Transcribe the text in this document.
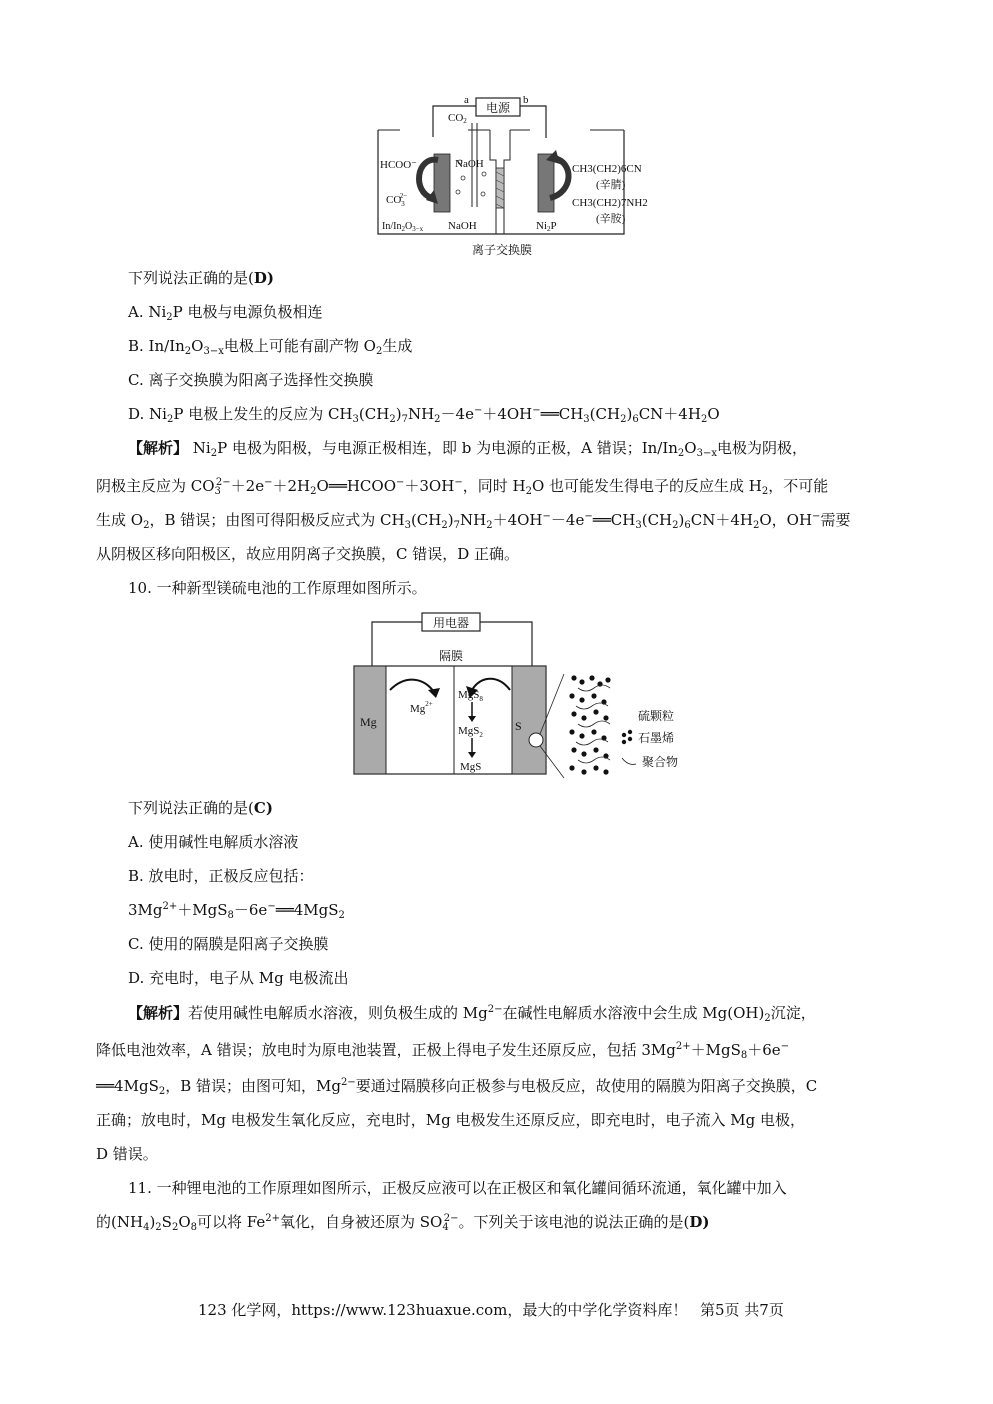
电源
a	b
CO2
HCOO⁻
$CO_32-$
NaOH
NaOH
$In/In_2O_{3-x}$
CH3(CH2)6CN
(辛腈)
CH3(CH2)7NH2
(辛胺)
Ni2P
离子交换膜
下列说法正确的是(D)
A. $Ni_2P$ 电极与电源负极相连
B. $In/In_2O_{3-x}$电极上可能有副产物 $O_2$生成
C. 离子交换膜为阳离子选择性交换膜
D. $Ni_2P$ 电极上发生的反应为 $CH_3(CH_2)_7NH_2-4e^-+4OH^-══CH_3(CH_2)_6CN+4H_2O$
【解析】 $Ni_2P$ 电极为阳极，与电源正极相连，即 b 为电源的正极，A 错误；$In/In_2O_{3-x}$电极为阴极，
阴极主反应为 $CO_3^{2-}+2e^-+2H_2O══HCOO^-+3OH^-$，同时 $H_2O$ 也可能发生得电子的反应生成 $H_2$，不可能
生成 $O_2$，B 错误；由图可得阳极反应式为 $CH_3(CH_2)_7NH_2+4OH^--4e^-══CH_3(CH_2)_6CN+4H_2O$，OH−需要
从阴极区移向阳极区，故应用阴离子交换膜，C 错误，D 正确。
10. 一种新型镁硫电池的工作原理如图所示。
用电器
隔膜
Mg	S
$Mg^{2+}$
MgS$_8$
MgS$_2$
MgS
硫颗粒
石墨烯
聚合物
下列说法正确的是(C)
A. 使用碱性电解质水溶液
B. 放电时，正极反应包括：
$3Mg^{2+}+MgS_8-6e^-══4MgS_2$
C. 使用的隔膜是阳离子交换膜
D. 充电时，电子从 Mg 电极流出
【解析】若使用碱性电解质水溶液，则负极生成的 $Mg^{2-}$在碱性电解质水溶液中会生成 $Mg(OH)_2$沉淀，
降低电池效率，A 错误；放电时为原电池装置，正极上得电子发生还原反应，包括 $3Mg^{2+}+MgS_8+6e^-$
══4MgS$_2$，B 错误；由图可知，$Mg^{2-}$要通过隔膜移向正极参与电极反应，故使用的隔膜为阳离子交换膜，C
正确；放电时，Mg 电极发生氧化反应，充电时，Mg 电极发生还原反应，即充电时，电子流入 Mg 电极，
D 错误。
11. 一种锂电池的工作原理如图所示，正极反应液可以在正极区和氧化罐间循环流通，氧化罐中加入
的$(NH_4)_2S_2O_8$可以将 $Fe^{2+}$氧化，自身被还原为 $SO_4^{2-}$。下列关于该电池的说法正确的是(D)
123 化学网，https://www.123huaxue.com，最大的中学化学资料库！ 第5页 共7页
